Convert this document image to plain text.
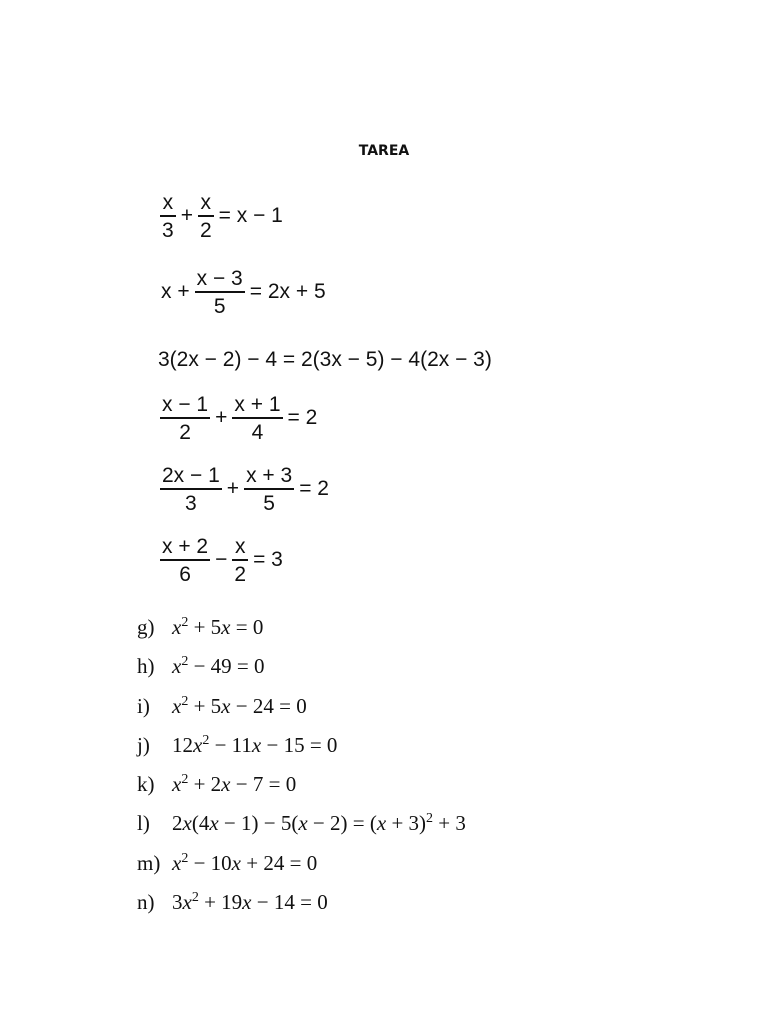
TAREA
$\frac{x}{3} + \frac{x}{2} = x - 1$
$x + \frac{x - 3}{5} = 2x + 5$
3(2x − 2) − 4 = 2(3x − 5) − 4(2x − 3)
$\frac{x - 1}{2} + \frac{x + 1}{4} = 2$
$\frac{2x - 1}{3} + \frac{x + 3}{5} = 2$
$\frac{x + 2}{6} - \frac{x}{2} = 3$
g) $x^2 + 5x = 0$
h) $x^2 - 49 = 0$
i)	$x^2 + 5x - 24 = 0$
j)	$12x^2 - 11x - 15 = 0$
k) $x^2 + 2x - 7 = 0$
l)	$2x(4x - 1) - 5(x - 2) = (x + 3)^2 + 3$
m) $x^2 - 10x + 24 = 0$
n) $3x^2 + 19x - 14 = 0$
